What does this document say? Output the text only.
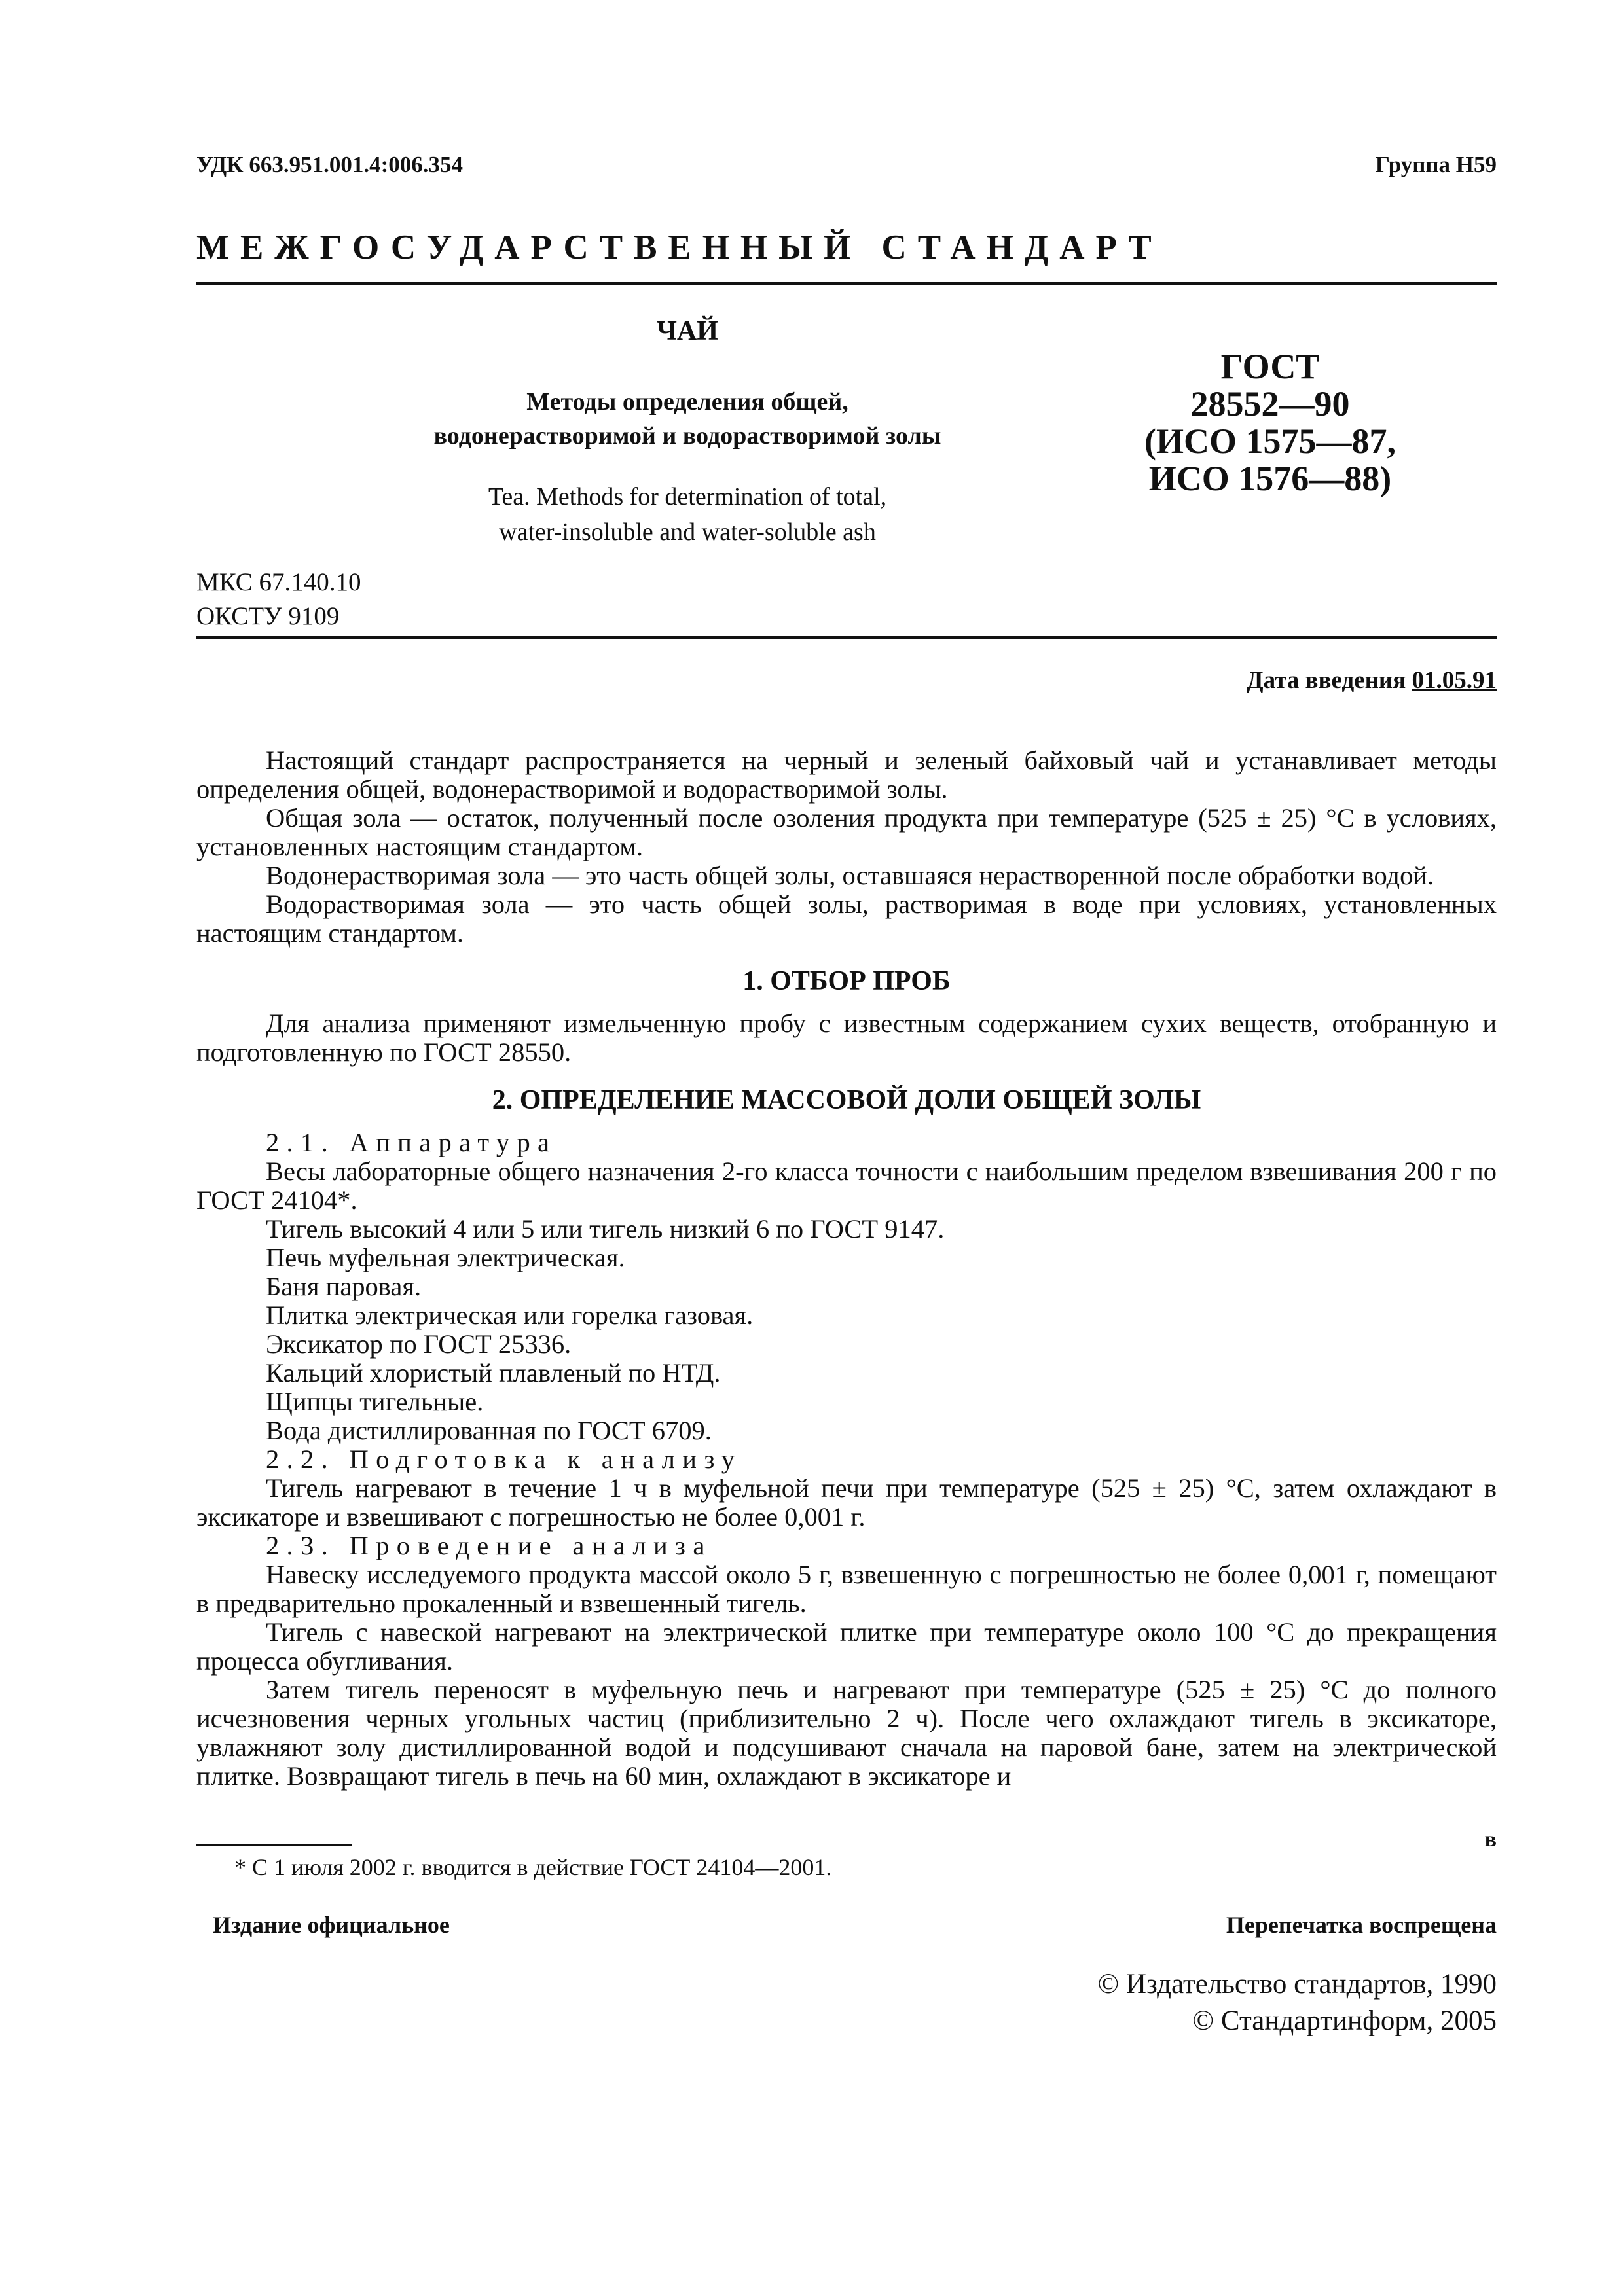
УДК 663.951.001.4:006.354	Группа Н59
МЕЖГОСУДАРСТВЕННЫЙ СТАНДАРТ
ЧАЙ
Методы определения общей,
водонерастворимой и водорастворимой золы
Tea. Methods for determination of total,
water-insoluble and water-soluble ash
ГОСТ
28552—90
(ИСО 1575—87,
ИСО 1576—88)
МКС 67.140.10
ОКСТУ 9109
Дата введения 01.05.91

Настоящий стандарт распространяется на черный и зеленый байховый чай и устанавливает методы определения общей, водонерастворимой и водорастворимой золы.

Общая зола — остаток, полученный после озоления продукта при температуре (525 ± 25) °С в условиях, установленных настоящим стандартом.

Водонерастворимая зола — это часть общей золы, оставшаяся нерастворенной после обработки водой.

Водорастворимая зола — это часть общей золы, растворимая в воде при условиях, установленных настоящим стандартом.

1. ОТБОР ПРОБ

Для анализа применяют измельченную пробу с известным содержанием сухих веществ, отобранную и подготовленную по ГОСТ 28550.

2. ОПРЕДЕЛЕНИЕ МАССОВОЙ ДОЛИ ОБЩЕЙ ЗОЛЫ

2.1. Аппаратура

Весы лабораторные общего назначения 2-го класса точности с наибольшим пределом взвешивания 200 г по ГОСТ 24104*.

Тигель высокий 4 или 5 или тигель низкий 6 по ГОСТ 9147.

Печь муфельная электрическая.

Баня паровая.

Плитка электрическая или горелка газовая.

Эксикатор по ГОСТ 25336.

Кальций хлористый плавленый по НТД.

Щипцы тигельные.

Вода дистиллированная по ГОСТ 6709.

2.2. Подготовка к анализу

Тигель нагревают в течение 1 ч в муфельной печи при температуре (525 ± 25) °С, затем охлаждают в эксикаторе и взвешивают с погрешностью не более 0,001 г.

2.3. Проведение анализа

Навеску исследуемого продукта массой около 5 г, взвешенную с погрешностью не более 0,001 г, помещают в предварительно прокаленный и взвешенный тигель.

Тигель с навеской нагревают на электрической плитке при температуре около 100 °С до прекращения процесса обугливания.

Затем тигель переносят в муфельную печь и нагревают при температуре (525 ± 25) °С до полного исчезновения черных угольных частиц (приблизительно 2 ч). После чего охлаждают тигель в эксикаторе, увлажняют золу дистиллированной водой и подсушивают сначала на паровой бане, затем на электрической плитке. Возвращают тигель в печь на 60 мин, охлаждают в эксикаторе и

в
* С 1 июля 2002 г. вводится в действие ГОСТ 24104—2001.
Издание официальное	Перепечатка воспрещена
© Издательство стандартов, 1990
© Стандартинформ, 2005
